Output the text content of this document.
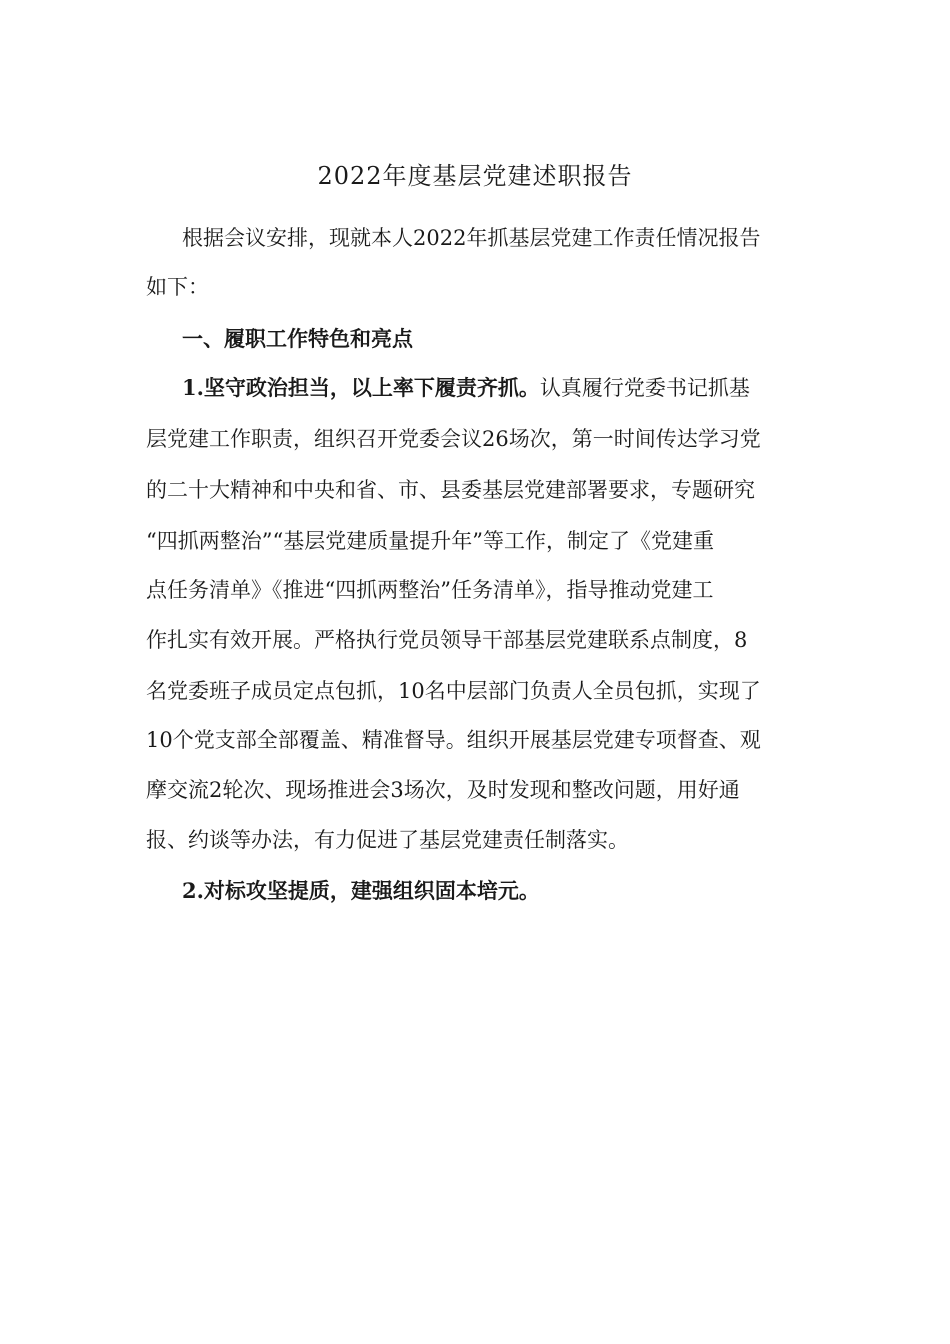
2022年度基层党建述职报告

根据会议安排，现就本人2022年抓基层党建工作责任情况报告

如下：

一、履职工作特色和亮点

1.坚守政治担当，以上率下履责齐抓。认真履行党委书记抓基

层党建工作职责，组织召开党委会议26场次，第一时间传达学习党

的二十大精神和中央和省、市、县委基层党建部署要求，专题研究

“四抓两整治”“基层党建质量提升年”等工作，制定了《党建重

点任务清单》《推进“四抓两整治”任务清单》，指导推动党建工

作扎实有效开展。严格执行党员领导干部基层党建联系点制度，8

名党委班子成员定点包抓，10名中层部门负责人全员包抓，实现了

10个党支部全部覆盖、精准督导。组织开展基层党建专项督查、观

摩交流2轮次、现场推进会3场次，及时发现和整改问题，用好通

报、约谈等办法，有力促进了基层党建责任制落实。

2.对标攻坚提质，建强组织固本培元。
